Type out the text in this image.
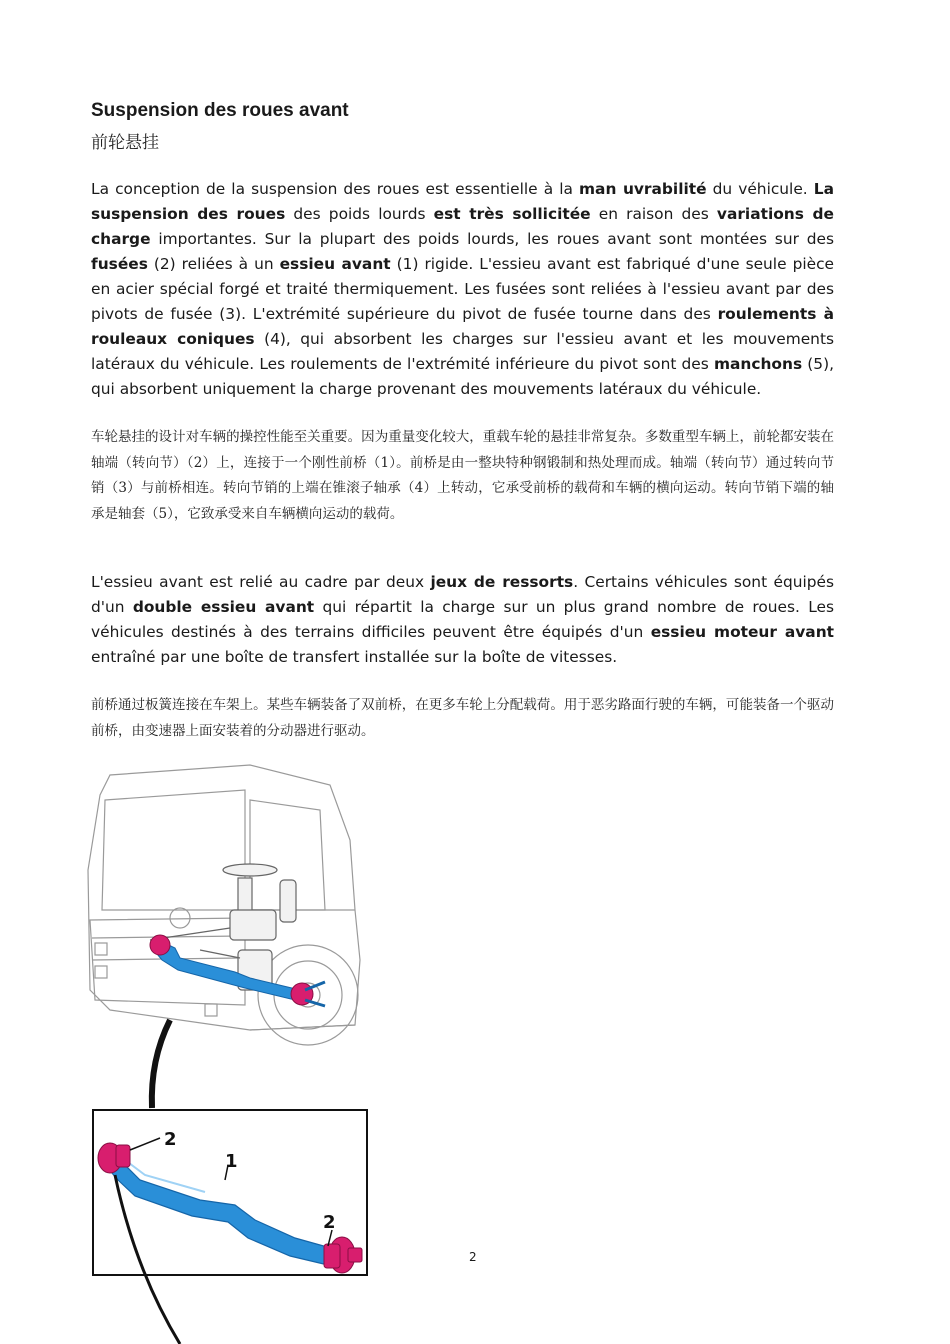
Suspension des roues avant
前轮悬挂
La conception de la suspension des roues est essentielle à la man uvrabilité du véhicule. La suspension des roues des poids lourds est très sollicitée en raison des variations de charge importantes. Sur la plupart des poids lourds, les roues avant sont montées sur des fusées (2) reliées à un essieu avant (1) rigide. L'essieu avant est fabriqué d'une seule pièce en acier spécial forgé et traité thermiquement. Les fusées sont reliées à l'essieu avant par des pivots de fusée (3). L'extrémité supérieure du pivot de fusée tourne dans des roulements à rouleaux coniques (4), qui absorbent les charges sur l'essieu avant et les mouvements latéraux du véhicule. Les roulements de l'extrémité inférieure du pivot sont des manchons (5), qui absorbent uniquement la charge provenant des mouvements latéraux du véhicule.
车轮悬挂的设计对车辆的操控性能至关重要。因为重量变化较大，重载车轮的悬挂非常复杂。多数重型车辆上，前轮都安装在轴端（转向节）（2）上，连接于一个刚性前桥（1）。前桥是由一整块特种钢锻制和热处理而成。轴端（转向节）通过转向节销（3）与前桥相连。转向节销的上端在锥滚子轴承（4）上转动，它承受前桥的载荷和车辆的横向运动。转向节销下端的轴承是轴套（5），它致承受来自车辆横向运动的载荷。
L'essieu avant est relié au cadre par deux jeux de ressorts. Certains véhicules sont équipés d'un double essieu avant qui répartit la charge sur un plus grand nombre de roues. Les véhicules destinés à des terrains difficiles peuvent être équipés d'un essieu moteur avant entraîné par une boîte de transfert installée sur la boîte de vitesses.
前桥通过板簧连接在车架上。某些车辆装备了双前桥，在更多车轮上分配载荷。用于恶劣路面行驶的车辆，可能装备一个驱动前桥，由变速器上面安装着的分动器进行驱动。
2
1
2
2
